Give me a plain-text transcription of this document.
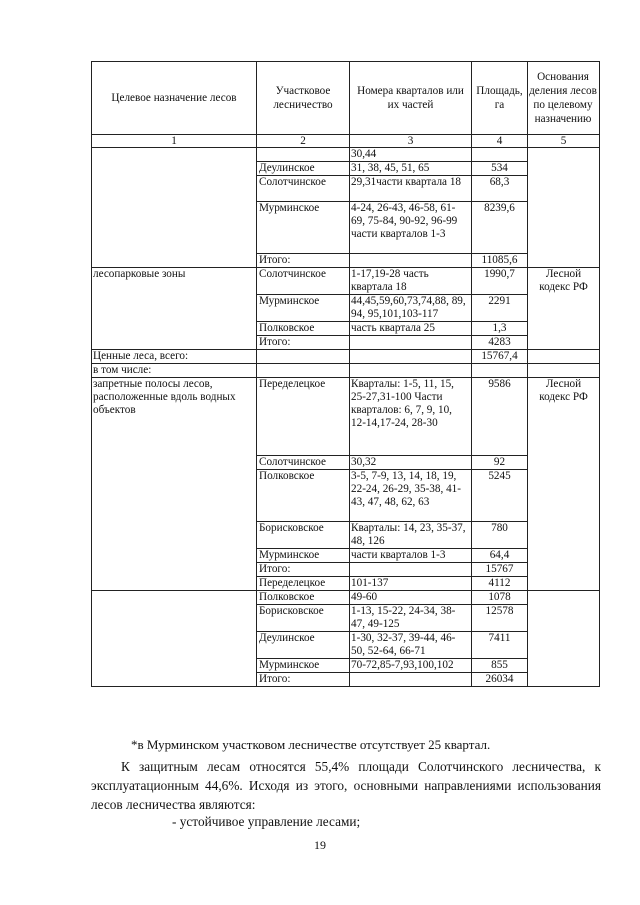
Целевое назначение лесов	Участковое лесничество	Номера кварталов или их частей	Площадь, га	Основания деления лесов по целевому назначению
1	2	3	4	5
		30,44		
	Деулинское	31, 38, 45, 51, 65	534	
	Солотчинское	29,31части квартала 18	68,3	
	Мурминское	4-24, 26-43, 46-58, 61-69, 75-84, 90-92, 96-99 части кварталов 1-3	8239,6	
	Итого:		11085,6	
лесопарковые зоны	Солотчинское	1-17,19-28 часть квартала 18	1990,7	Лесной кодекс РФ
	Мурминское	44,45,59,60,73,74,88, 89, 94, 95,101,103-117	2291	
	Полковское	часть квартала 25	1,3	
	Итого:		4283	
Ценные леса, всего:			15767,4	
в том числе:				
запретные полосы лесов, расположенные вдоль водных объектов	Переделецкое	Кварталы: 1-5, 11, 15, 25-27,31-100 Части кварталов: 6, 7, 9, 10, 12-14,17-24, 28-30	9586	Лесной кодекс РФ
	Солотчинское	30,32	92	
	Полковское	3-5, 7-9, 13, 14, 18, 19, 22-24, 26-29, 35-38, 41-43, 47, 48, 62, 63	5245	
	Борисковское	Кварталы: 14, 23, 35-37, 48, 126	780	
	Мурминское	части кварталов 1-3	64,4	
	Итого:		15767	
	Переделецкое	101-137	4112	
	Полковское	49-60	1078	
	Борисковское	1-13, 15-22, 24-34, 38-47, 49-125	12578	
	Деулинское	1-30, 32-37, 39-44, 46-50, 52-64, 66-71	7411	
	Мурминское	70-72,85-7,93,100,102	855	
	Итого:		26034	
*в Мурминском участковом лесничестве отсутствует 25 квартал.
К защитным лесам относятся 55,4% площади Солотчинского лесничества, к эксплуатационным 44,6%. Исходя из этого, основными направлениями использования лесов лесничества являются:
- устойчивое управление лесами;
19
